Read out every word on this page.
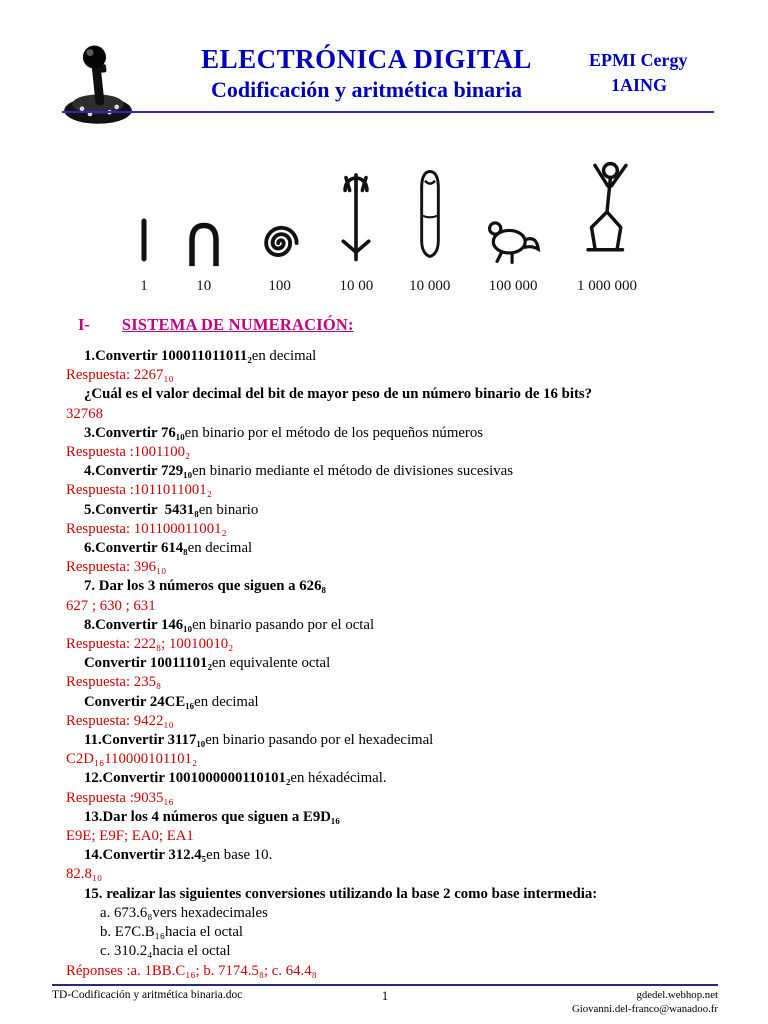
ELECTRÓNICA DIGITAL
Codificación y aritmética binaria
EPMI Cergy
1AING
1	10	100	10 00 10 000	100 000	1 000 000
I- SISTEMA DE NUMERACIÓN:
1.Convertir 100011011011₂en decimal
Respuesta: 2267₁₀
¿Cuál es el valor decimal del bit de mayor peso de un número binario de 16 bits?
32768
3.Convertir 76₁₀en binario por el método de los pequeños números
Respuesta :1001100₂
4.Convertir 729₁₀en binario mediante el método de divisiones sucesivas
Respuesta :1011011001₂
5.Convertir  5431₈en binario
Respuesta: 101100011001₂
6.Convertir 614₈en decimal
Respuesta: 396₁₀
7. Dar los 3 números que siguen a 626₈
627 ; 630 ; 631
8.Convertir 146₁₀en binario pasando por el octal
Respuesta: 222₈; 10010010₂
Convertir 10011101₂en equivalente octal
Respuesta: 235₈
Convertir 24CE₁₆en decimal
Respuesta: 9422₁₀
11.Convertir 3117₁₀en binario pasando por el hexadecimal
C2D₁₆110000101101₂
12.Convertir 1001000000110101₂en héxadécimal.
Respuesta :9035₁₆
13.Dar los 4 números que siguen a E9D₁₆
E9E; E9F; EA0; EA1
14.Convertir 312.4₅en base 10.
82.8₁₀
15. realizar las siguientes conversiones utilizando la base 2 como base intermedia:
a. 673.6₈vers hexadecimales
b. E7C.B₁₆hacia el octal
c. 310.2₄hacia el octal
Réponses :a. 1BB.C₁₆; b. 7174.5₈; c. 64.4₈
TD-Codificación y aritmética binaria.doc	1	gdedel.webhop.net
Giovanni.del-franco@wanadoo.fr
